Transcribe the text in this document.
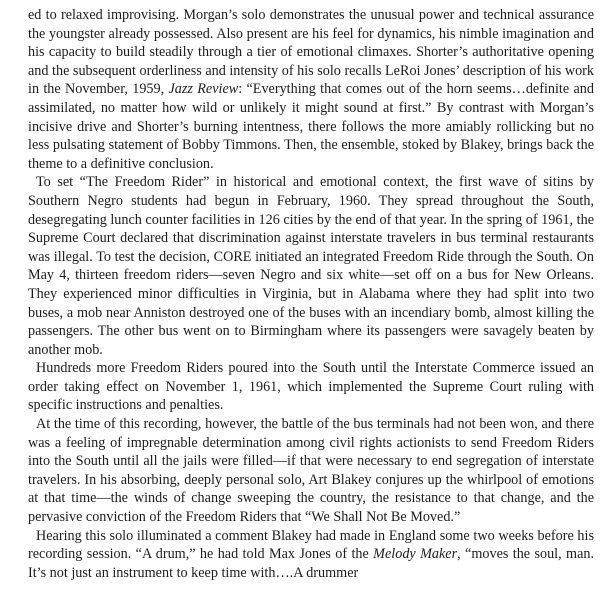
ed to relaxed improvising. Morgan’s solo demonstrates the unusual power and technical assurance the youngster already possessed. Also present are his feel for dynamics, his nimble imagination and his capacity to build steadily through a tier of emotional climaxes. Shorter’s authoritative opening and the subsequent orderliness and intensity of his solo recalls LeRoi Jones’ description of his work in the November, 1959, Jazz Review: “Everything that comes out of the horn seems…definite and assimilated, no matter how wild or unlikely it might sound at first.” By contrast with Morgan’s incisive drive and Shorter’s burning intentness, there follows the more amiably rollicking but no less pulsating statement of Bobby Timmons. Then, the ensemble, stoked by Blakey, brings back the theme to a definitive conclusion.

To set “The Freedom Rider” in historical and emotional context, the first wave of sitins by Southern Negro students had begun in February, 1960. They spread throughout the South, desegregating lunch counter facilities in 126 cities by the end of that year. In the spring of 1961, the Supreme Court declared that discrimination against interstate travelers in bus terminal restaurants was illegal. To test the decision, CORE initiated an integrated Freedom Ride through the South. On May 4, thirteen freedom riders—seven Negro and six white—set off on a bus for New Orleans. They experienced minor difficulties in Virginia, but in Alabama where they had split into two buses, a mob near Anniston destroyed one of the buses with an incendiary bomb, almost killing the passengers. The other bus went on to Birmingham where its passengers were savagely beaten by another mob.

Hundreds more Freedom Riders poured into the South until the Interstate Commerce issued an order taking effect on November 1, 1961, which implemented the Supreme Court ruling with specific instructions and penalties.

At the time of this recording, however, the battle of the bus terminals had not been won, and there was a feeling of impregnable determination among civil rights actionists to send Freedom Riders into the South until all the jails were filled—if that were necessary to end segregation of interstate travelers. In his absorbing, deeply personal solo, Art Blakey conjures up the whirlpool of emotions at that time—the winds of change sweeping the country, the resistance to that change, and the pervasive conviction of the Freedom Riders that “We Shall Not Be Moved.”

Hearing this solo illuminated a comment Blakey had made in England some two weeks before his recording session. “A drum,” he had told Max Jones of the Melody Maker, “moves the soul, man. It’s not just an instrument to keep time with….A drummer
